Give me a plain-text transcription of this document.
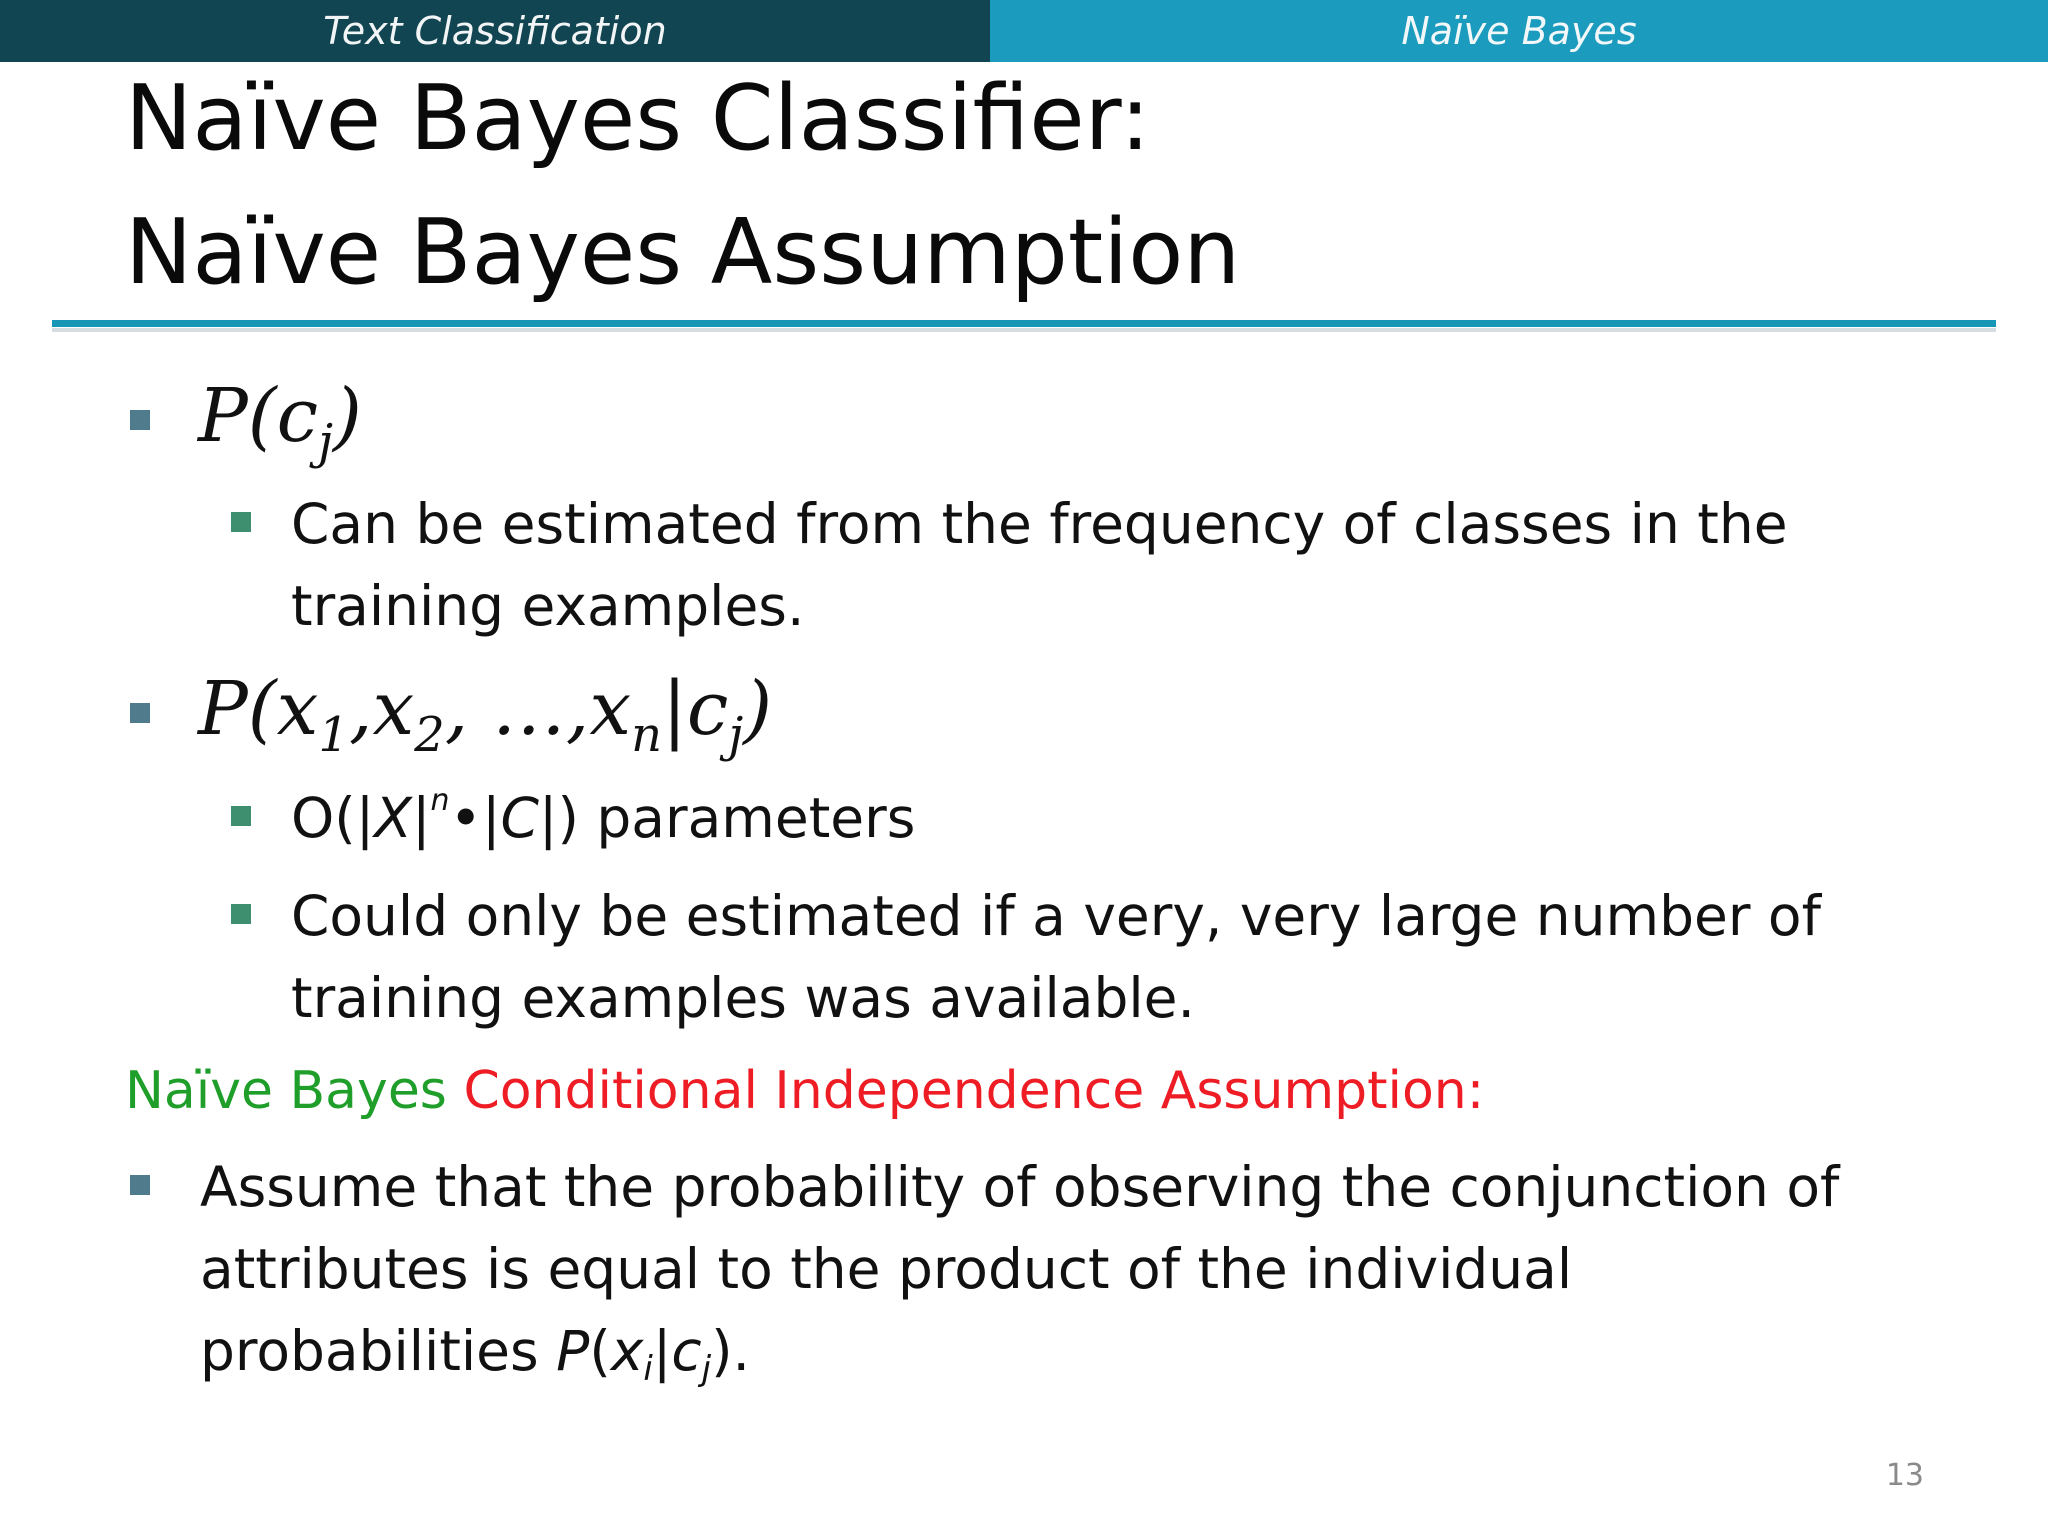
Text Classification	Naïve Bayes
Naïve Bayes Classifier:
Naïve Bayes Assumption
$P(c_j)$
Can be estimated from the frequency of classes in the
training examples.
$P(x_1,x_2$, $\dots,x_n|c_j$)
$O(|X|^n•|C|)$ parameters
Could only be estimated if a very, very large number of
training examples was available.
Naïve Bayes Conditional Independence Assumption:
Assume that the probability of observing the conjunction of
attributes is equal to the product of the individual
probabilities $P(x_i|c_j)$.
13
